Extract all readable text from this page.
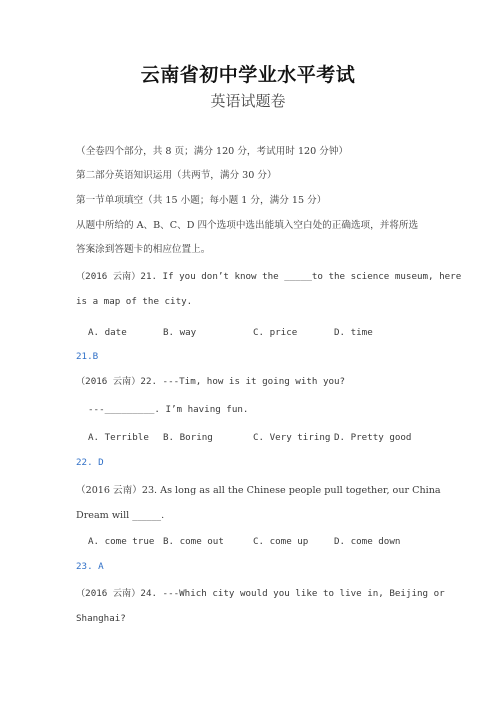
云南省初中学业水平考试
英语试题卷
（全卷四个部分，共 8 页；满分 120 分，考试用时 120 分钟）
第二部分英语知识运用（共两节，满分 30 分）
第一节单项填空（共 15 小题；每小题 1 分，满分 15 分）
从题中所给的 A、B、C、D 四个选项中选出能填入空白处的正确选项，并将所选
答案涂到答题卡的相应位置上。
（2016 云南）21. If you don’t know the _____to the science museum, here
is a map of the city.
A. date	B. way	C. price	D. time
21.B
（2016 云南）22. ---Tim, how is it going with you?
---_________. I’m having fun.
A. Terrible B. Boring	C. Very tiring D. Pretty good
22. D
（2016 云南）23. As long as all the Chinese people pull together, our China
Dream will ______.
A. come true B. come out	C. come up	D. come down
23. A
（2016 云南）24. ---Which city would you like to live in, Beijing or
Shanghai?
